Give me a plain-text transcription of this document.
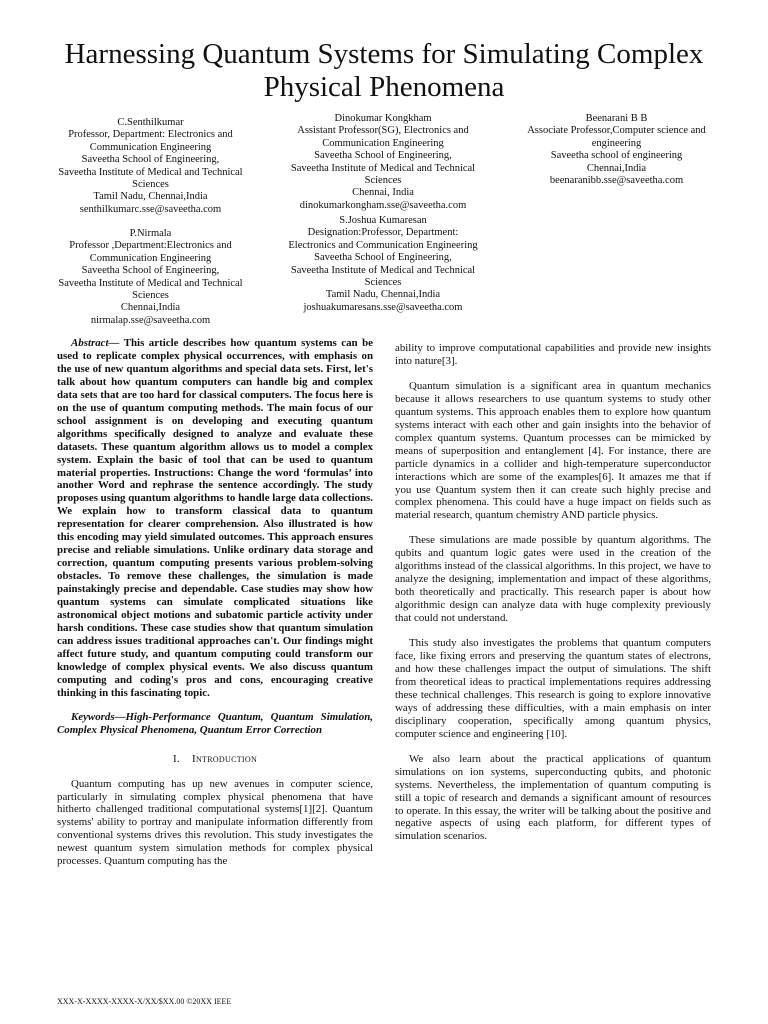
Harnessing Quantum Systems for Simulating Complex Physical Phenomena
C.Senthilkumar
Professor, Department: Electronics and Communication Engineering
Saveetha School of Engineering,
Saveetha Institute of Medical and Technical Sciences
Tamil Nadu, Chennai,India
senthilkumarc.sse@saveetha.com
Dinokumar Kongkham
Assistant Professor(SG), Electronics and Communication Engineering
Saveetha School of Engineering,
Saveetha Institute of Medical and Technical Sciences
Chennai, India
dinokumarkongham.sse@saveetha.com
Beenarani B B
Associate Professor,Computer science and engineering
Saveetha school of engineering
Chennai,India
beenaranibb.sse@saveetha.com
P.Nirmala
Professor ,Department:Electronics and Communication Engineering
Saveetha School of Engineering,
Saveetha Institute of Medical and Technical Sciences
Chennai,India
nirmalap.sse@saveetha.com
S.Joshua Kumaresan
Designation:Professor, Department: Electronics and Communication Engineering
Saveetha School of Engineering,
Saveetha Institute of Medical and Technical Sciences
Tamil Nadu, Chennai,India
joshuakumaresans.sse@saveetha.com

Abstract— This article describes how quantum systems can be used to replicate complex physical occurrences, with emphasis on the use of new quantum algorithms and special data sets. First, let's talk about how quantum computers can handle big and complex data sets that are too hard for classical computers. The focus here is on the use of quantum computing methods. The main focus of our school assignment is on developing and executing quantum algorithms specifically designed to analyze and evaluate these datasets. These quantum algorithm allows us to model a complex system. Explain the basic of tool that can be used to quantum material properties. Instructions: Change the word ‘formulas’ into another Word and rephrase the sentence accordingly. The study proposes using quantum algorithms to handle large data collections. We explain how to transform classical data to quantum representation for clearer comprehension. Also illustrated is how this encoding may yield simulated outcomes. This approach ensures precise and reliable simulations. Unlike ordinary data storage and correction, quantum computing presents various problem-solving obstacles. To remove these challenges, the simulation is made painstakingly precise and dependable. Case studies may show how quantum systems can simulate complicated situations like astronomical object motions and subatomic particle activity under harsh conditions. These case studies show that quantum simulation can address issues traditional approaches can't. Our findings might affect future study, and quantum computing could transform our knowledge of complex physical events. We also discuss quantum computing and coding's pros and cons, encouraging creative thinking in this fascinating topic.

Keywords—High-Performance Quantum, Quantum Simulation, Complex Physical Phenomena, Quantum Error Correction

I. Introduction

Quantum computing has up new avenues in computer science, particularly in simulating complex physical phenomena that have hitherto challenged traditional computational systems[1][2]. Quantum systems' ability to portray and manipulate information differently from conventional systems drives this revolution. This study investigates the newest quantum system simulation methods for complex physical processes. Quantum computing has the

ability to improve computational capabilities and provide new insights into nature[3].

Quantum simulation is a significant area in quantum mechanics because it allows researchers to use quantum systems to study other quantum systems. This approach enables them to explore how quantum systems interact with each other and gain insights into the behavior of complex quantum systems. Quantum processes can be mimicked by means of superposition and entanglement [4]. For instance, there are particle dynamics in a collider and high-temperature superconductor interactions which are some of the examples[6]. It amazes me that if you use Quantum system then it can create such highly precise and complex phenomena. This could have a huge impact on fields such as material research, quantum chemistry AND particle physics.

These simulations are made possible by quantum algorithms. The qubits and quantum logic gates were used in the creation of the algorithms instead of the classical algorithms. In this project, we have to analyze the designing, implementation and impact of these algorithms, both theoretically and practically. This research paper is about how algorithmic design can analyze data with huge complexity previously that could not understand.

This study also investigates the problems that quantum computers face, like fixing errors and preserving the quantum states of electrons, and how these challenges impact the output of simulations. The shift from theoretical ideas to practical implementations requires addressing these technical challenges. This research is going to explore innovative ways of addressing these difficulties, with a main emphasis on inter disciplinary cooperation, specifically among quantum physics, computer science and engineering [10].

We also learn about the practical applications of quantum simulations on ion systems, superconducting qubits, and photonic systems. Nevertheless, the implementation of quantum computing is still a topic of research and demands a significant amount of resources to operate. In this essay, the writer will be talking about the positive and negative aspects of using each platform, for different types of simulation scenarios.

XXX-X-XXXX-XXXX-X/XX/$XX.00 ©20XX IEEE
